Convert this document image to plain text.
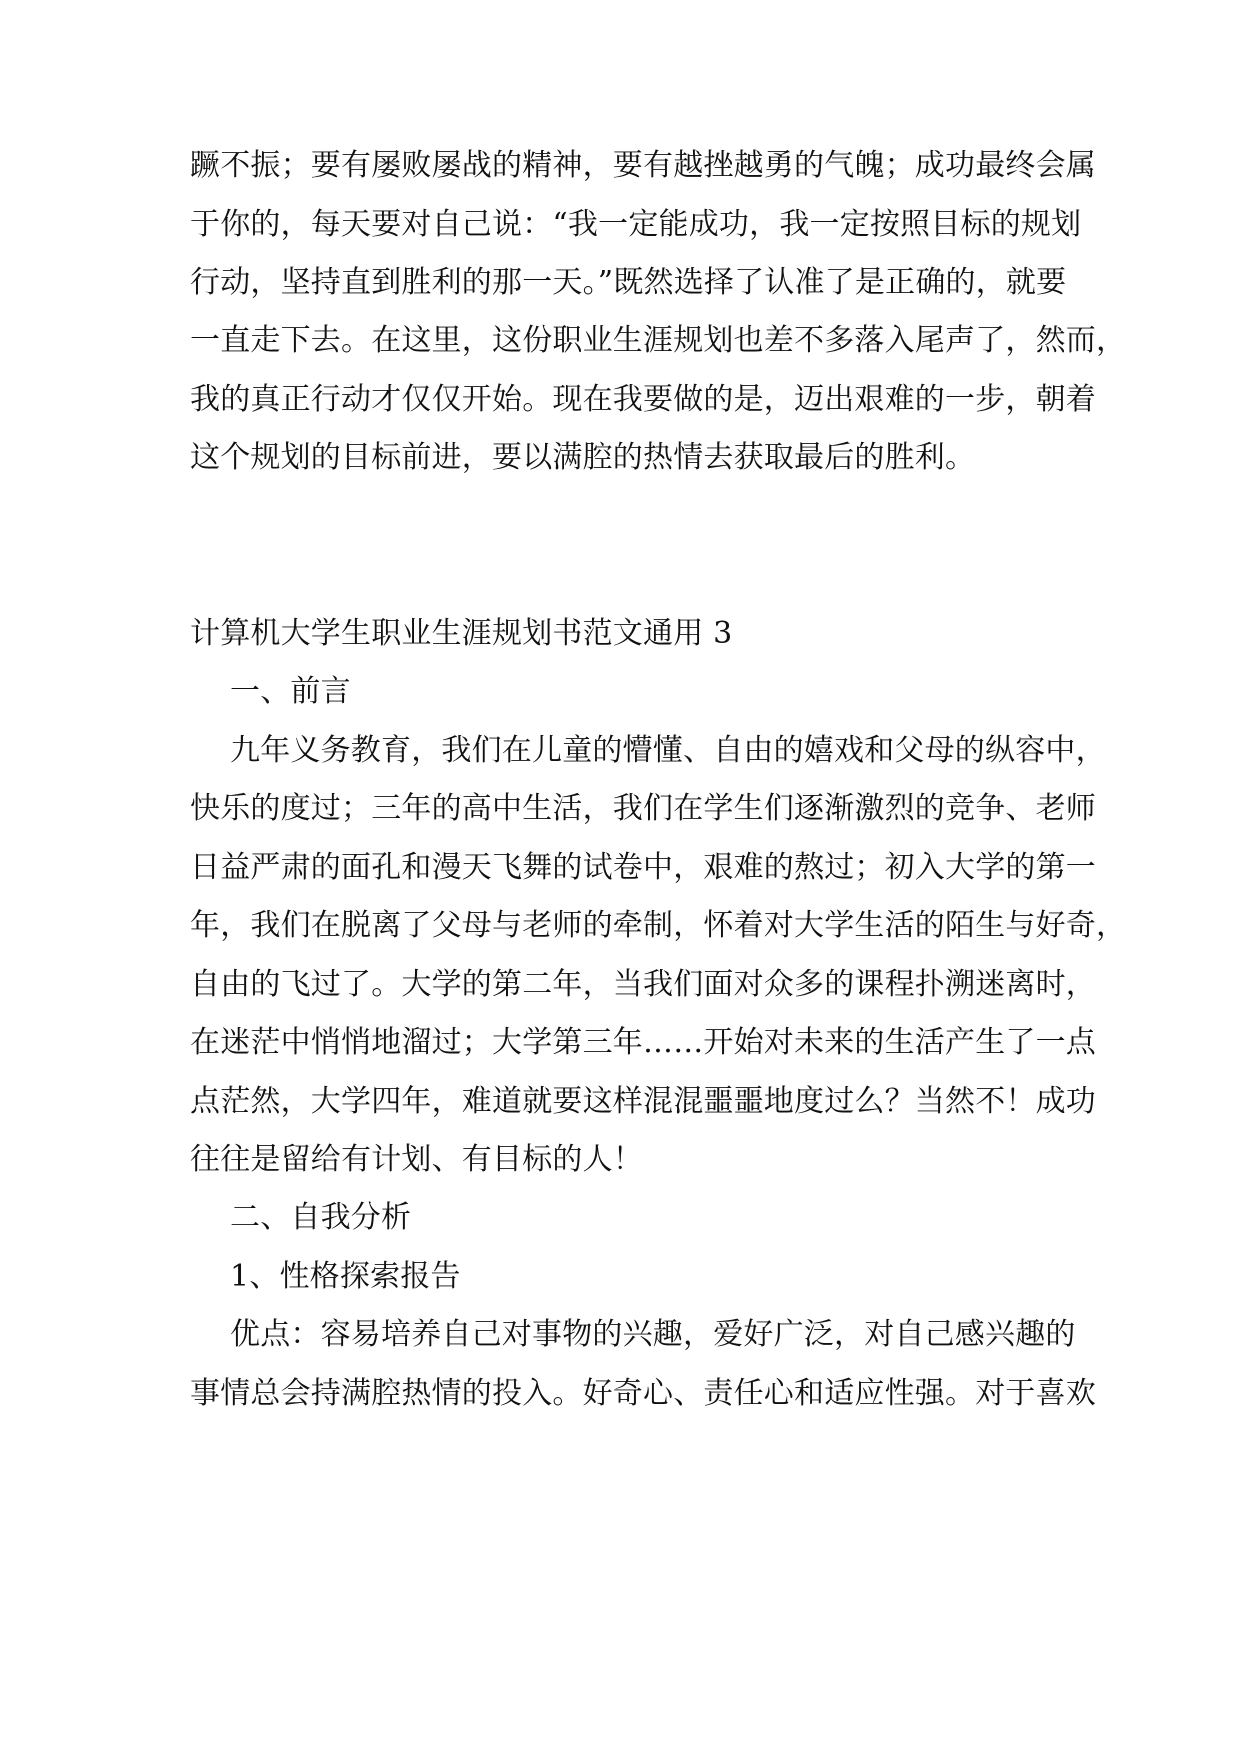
蹶不振；要有屡败屡战的精神，要有越挫越勇的气魄；成功最终会属
于你的，每天要对自己说：“我一定能成功，我一定按照目标的规划
行动，坚持直到胜利的那一天。”既然选择了认准了是正确的，就要
一直走下去。在这里，这份职业生涯规划也差不多落入尾声了，然而，
我的真正行动才仅仅开始。现在我要做的是，迈出艰难的一步，朝着
这个规划的目标前进，要以满腔的热情去获取最后的胜利。
计算机大学生职业生涯规划书范文通用 3
一、前言
九年义务教育，我们在儿童的懵懂、自由的嬉戏和父母的纵容中，
快乐的度过；三年的高中生活，我们在学生们逐渐激烈的竞争、老师
日益严肃的面孔和漫天飞舞的试卷中，艰难的熬过；初入大学的第一
年，我们在脱离了父母与老师的牵制，怀着对大学生活的陌生与好奇，
自由的飞过了。大学的第二年，当我们面对众多的课程扑溯迷离时，
在迷茫中悄悄地溜过；大学第三年……开始对未来的生活产生了一点
点茫然，大学四年，难道就要这样混混噩噩地度过么？当然不！成功
往往是留给有计划、有目标的人！
二、自我分析
1、性格探索报告
优点：容易培养自己对事物的兴趣，爱好广泛，对自己感兴趣的
事情总会持满腔热情的投入。好奇心、责任心和适应性强。对于喜欢
